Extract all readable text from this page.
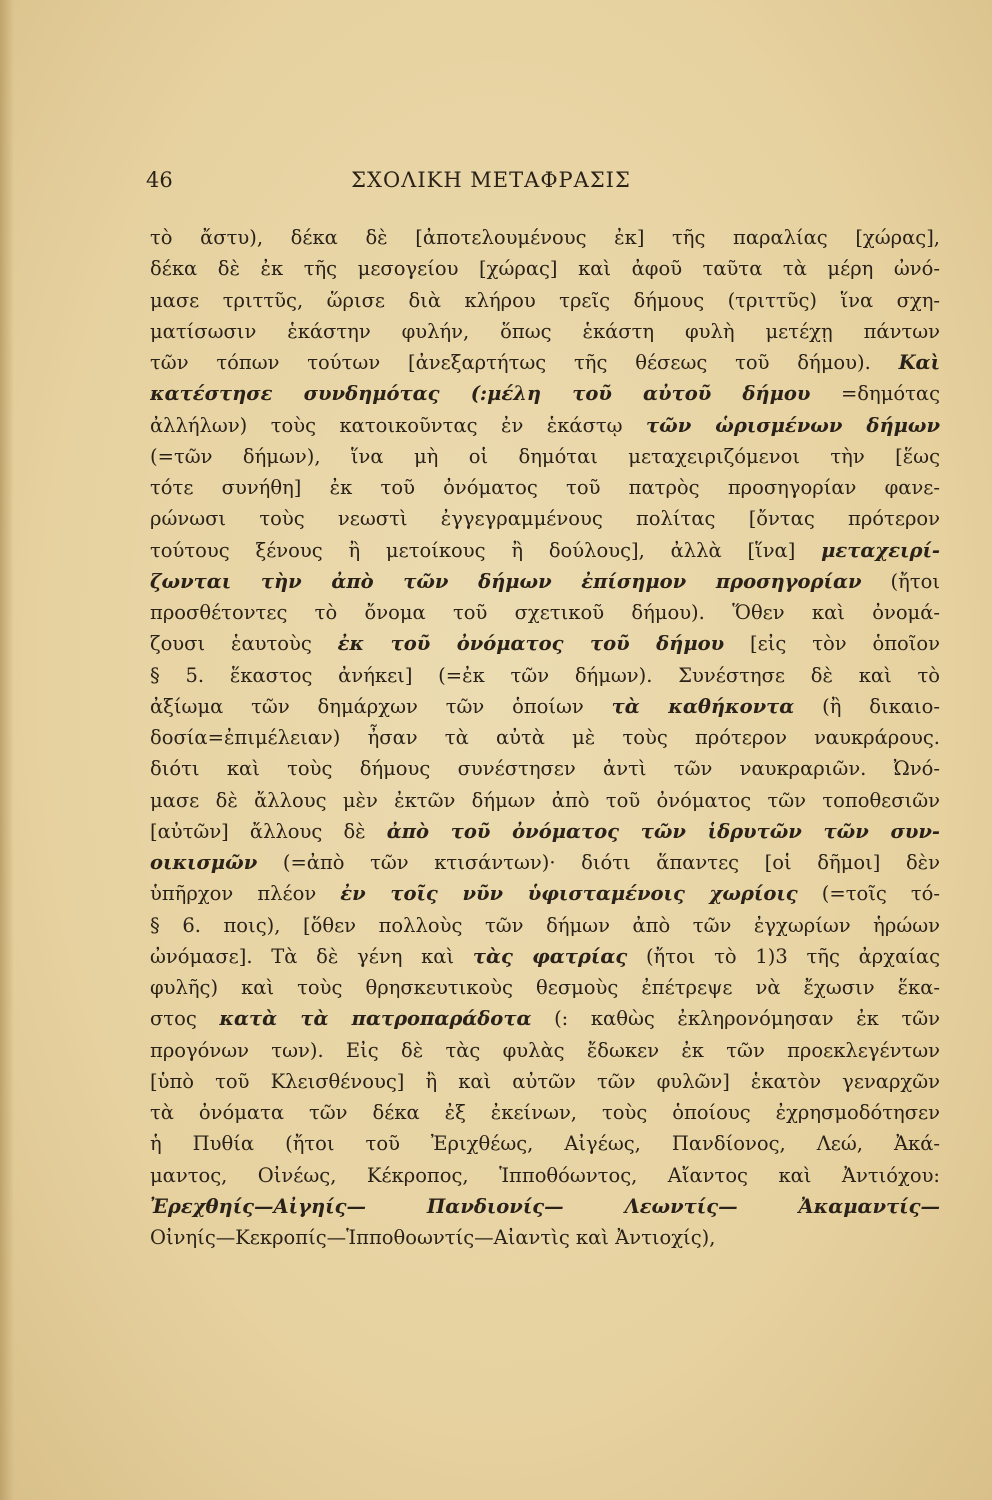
46	ΣΧΟΛΙΚΗ ΜΕΤΑΦΡΑΣΙΣ
τὸ ἄστυ), δέκα δὲ [ἀποτελουμένους ἐκ] τῆς παραλίας [χώρας],
δέκα δὲ ἐκ τῆς μεσογείου [χώρας] καὶ ἀφοῦ ταῦτα τὰ μέρη ὠνό-
μασε τριττῦς, ὥρισε διὰ κλήρου τρεῖς δήμους (τριττῦς) ἵνα σχη-
ματίσωσιν ἑκάστην φυλήν, ὅπως ἑκάστη φυλὴ μετέχῃ πάντων
τῶν τόπων τούτων [ἀνεξαρτήτως τῆς θέσεως τοῦ δήμου). Καὶ
κατέστησε συνδημότας (:μέλη τοῦ αὐτοῦ δήμου =δημότας
ἀλλήλων) τοὺς κατοικοῦντας ἐν ἑκάστῳ τῶν ὡρισμένων δήμων
(=τῶν δήμων), ἵνα μὴ οἱ δημόται μεταχειριζόμενοι τὴν [ἕως
τότε συνήθη] ἐκ τοῦ ὀνόματος τοῦ πατρὸς προσηγορίαν φανε-
ρώνωσι τοὺς νεωστὶ ἐγγεγραμμένους πολίτας [ὄντας πρότερον
τούτους ξένους ἢ μετοίκους ἢ δούλους], ἀλλὰ [ἵνα] μεταχειρί-
ζωνται τὴν ἀπὸ τῶν δήμων ἐπίσημον προσηγορίαν (ἤτοι
προσθέτοντες τὸ ὄνομα τοῦ σχετικοῦ δήμου). Ὅθεν καὶ ὀνομά-
ζουσι ἑαυτοὺς ἐκ τοῦ ὀνόματος τοῦ δήμου [εἰς τὸν ὁποῖον
§ 5. ἕκαστος ἀνήκει] (=ἐκ τῶν δήμων). Συνέστησε δὲ καὶ τὸ
ἀξίωμα τῶν δημάρχων τῶν ὁποίων τὰ καθήκοντα (ἢ δικαιο-
δοσία=ἐπιμέλειαν) ἦσαν τὰ αὐτὰ μὲ τοὺς πρότερον ναυκράρους.
διότι καὶ τοὺς δήμους συνέστησεν ἀντὶ τῶν ναυκραριῶν. Ὠνό-
μασε δὲ ἄλλους μὲν ἐκτῶν δήμων ἀπὸ τοῦ ὀνόματος τῶν τοποθεσιῶν
[αὐτῶν] ἄλλους δὲ ἀπὸ τοῦ ὀνόματος τῶν ἱδρυτῶν τῶν συν-
οικισμῶν (=ἀπὸ τῶν κτισάντων)· διότι ἅπαντες [οἱ δῆμοι] δὲν
ὑπῆρχον πλέον ἐν τοῖς νῦν ὑφισταμένοις χωρίοις (=τοῖς τό-
§ 6. ποις), [ὅθεν πολλοὺς τῶν δήμων ἀπὸ τῶν ἐγχωρίων ἡρώων
ὠνόμασε]. Τὰ δὲ γένη καὶ τὰς φατρίας (ἤτοι τὸ 1)3 τῆς ἀρχαίας
φυλῆς) καὶ τοὺς θρησκευτικοὺς θεσμοὺς ἐπέτρεψε νὰ ἔχωσιν ἕκα-
στος κατὰ τὰ πατροπαράδοτα (: καθὼς ἐκληρονόμησαν ἐκ τῶν
προγόνων των). Εἰς δὲ τὰς φυλὰς ἔδωκεν ἐκ τῶν προεκλεγέντων
[ὑπὸ τοῦ Κλεισθένους] ἢ καὶ αὐτῶν τῶν φυλῶν] ἑκατὸν γεναρχῶν
τὰ ὀνόματα τῶν δέκα ἐξ ἐκείνων, τοὺς ὁποίους ἐχρησμοδότησεν
ἡ Πυθία (ἤτοι τοῦ Ἐριχθέως, Αἰγέως, Πανδίονος, Λεώ, Ἀκά-
μαντος, Οἰνέως, Κέκροπος, Ἱπποθόωντος, Αἴαντος καὶ Ἀντιόχου:
Ἐρεχθηίς—Αἰγηίς— Πανδιονίς— Λεωντίς— Ἀκαμαντίς—
Οἰνηίς—Κεκροπίς—Ἱπποθοωντίς—Αἰαντὶς καὶ Ἀντιοχίς),
